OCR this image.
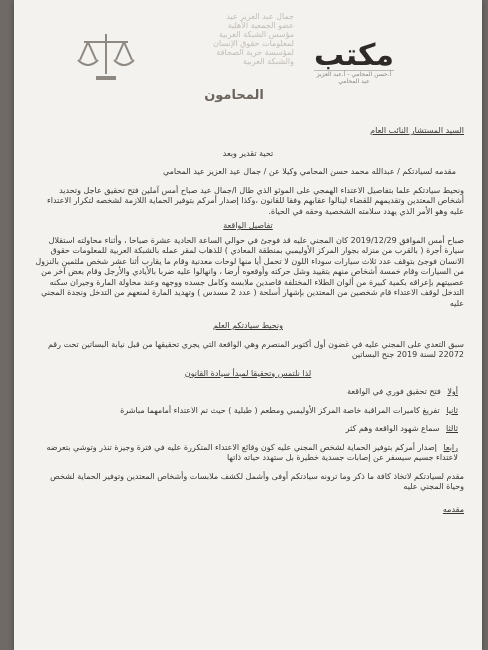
جمال عبد العزيز عيد
عضو الجمعية الأهلية
مؤسس الشبكة العربية
لمعلومات حقوق الإنسان
لمؤسسة حرية الصحافة
والشبكة العربية مكتب
أ.حسن المحامي - أ.عبد العزيز عيد المحامي
المحامون

السيد المستشار النائب العام

تحية تقدير وبعد

مقدمه لسيادتكم / عبدالله محمد حسن المحامي وكيلا عن / جمال عيد العزيز عيد المحامي

ونحيط سيادتكم علما بتفاصيل الاعتداء الهمجي على الموثو الذي طال ا/جمال عيد صباح أمس آملين فتح تحقيق عاجل وتحديد أشخاص المعتدين وتقديمهم للقضاء لينالوا عقابهم وفقا للقانون ،وكذا إصدار أمركم بتوفير الحماية اللازمة لشخصه لتكرار الاعتداء عليه وهو الأمر الذي يهدد سلامته الشخصية وحقه في الحياة.

تفاصيل الواقعة

صباح أمس الموافق 2019/12/29 كان المجني عليه قد فوجئ في حوالي الساعة الحادية عشرة صباحا ، وأثناء محاولته استقلال سيارة أجرة ( بالقرب من منزله بجوار المركز الأوليمبي بمنطقة المعادي ) للذهاب لمقر عمله بالشبكة العربية للمعلومات حقوق الانسان فوجئ بتوقف عدد ثلاث سيارات سوداء اللون لا تحمل أيا منها لوحات معدنية وقام ما يقارب أثنا عشر شخص ملثمين بالنزول من السيارات وقام خمسة أشخاص منهم بتقييد وشل حركته وأوقعوه أرضا ، وانهالوا عليه ضربا بالأيادي والأرجل وقام بعض آخر من عصبيتهم بإعراقه بكمية كبيرة من ألوان الطلاء المختلفة قاصدين ملابسه وكامل جسده ووجهه وعند محاولة المارة وجيران سكنه التدخل لوقف الاعتداء قام شخصين من المعتدين بإشهار أسلحة ( عدد 2 مسدس ) وتهديد المارة لمنعهم من التدخل ونجدة المجني عليه

ونحيط سيادتكم العلم

سبق التعدي على المجني عليه في غضون أول أكتوبر المنصرم وهي الواقعة التي يجري تحقيقها من قبل نيابة البساتين تحت رقم 22072 لسنة 2019 جنح البساتين

لذا نلتمس وتحقيقا لمبدأ سيادة القانون

أولا فتح تحقيق فوري في الواقعة

ثانيا تفريغ كاميرات المراقبة خاصة المركز الأوليمبي ومطعم ( طبلية ) حيث تم الاعتداء أمامهما مباشرة

ثالثا سماع شهود الواقعة وهم كثر

رابعا إصدار أمركم بتوفير الحماية لشخص المجني عليه كون وقائع الاعتداء المتكررة عليه في فترة وجيزة تنذر وتوشي بتعرضه لاعتداء جسيم سيسفر عن إصابات جسدية خطيرة بل ستهدد حياته ذاتها

مقدم لسيادتكم لاتخاذ كافة ما ذكر وما ترونه سيادتكم أوفى وأشمل لكشف ملابسات وأشخاص المعتدين وتوفير الحماية لشخص وحياة المجني عليه

مقدمه
